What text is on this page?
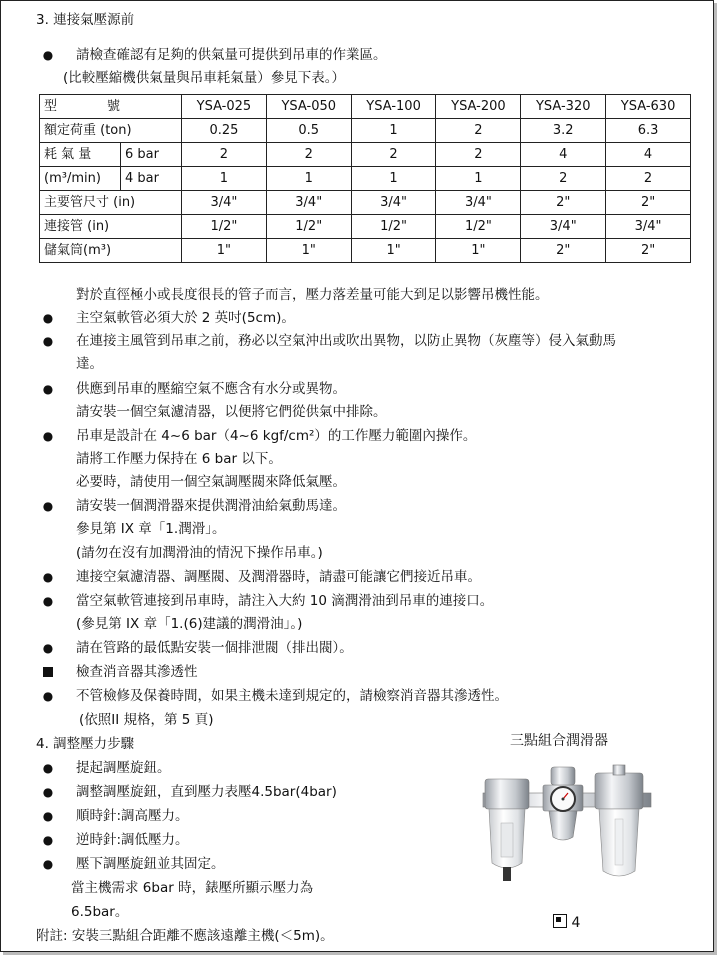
3. 連接氣壓源前
● 請檢查確認有足夠的供氣量可提供到吊車的作業區。
(比較壓縮機供氣量與吊車耗氣量）參見下表。）
型　　號		YSA-025	YSA-050	YSA-100	YSA-200	YSA-320	YSA-630
額定荷重 (ton)		0.25	0.5	1	2	3.2	6.3
耗 氣 量	6 bar	2	2	2	2	4	4
(m³/min)	4 bar	1	1	1	1	2	2
主要管尺寸 (in)		3/4"	3/4"	3/4"	3/4"	2"	2"
連接管 (in)		1/2"	1/2"	1/2"	1/2"	3/4"	3/4"
儲氣筒(m³)		1"	1"	1"	1"	2"	2"
對於直徑極小或長度很長的管子而言，壓力落差量可能大到足以影響吊機性能。
● 主空氣軟管必須大於 2 英吋(5cm)。
● 在連接主風管到吊車之前，務必以空氣沖出或吹出異物，以防止異物（灰塵等）侵入氣動馬
達。
● 供應到吊車的壓縮空氣不應含有水分或異物。
請安裝一個空氣濾清器，以便將它們從供氣中排除。
● 吊車是設計在 4~6 bar（4~6 kgf/cm²）的工作壓力範圍內操作。
請將工作壓力保持在 6 bar 以下。
必要時，請使用一個空氣調壓閥來降低氣壓。
● 請安裝一個潤滑器來提供潤滑油給氣動馬達。
參見第 IX 章「1.潤滑」。
(請勿在沒有加潤滑油的情況下操作吊車。)
● 連接空氣濾清器、調壓閥、及潤滑器時，請盡可能讓它們接近吊車。
● 當空氣軟管連接到吊車時，請注入大約 10 滴潤滑油到吊車的連接口。
(參見第 IX 章「1.(6)建議的潤滑油」。)
● 請在管路的最低點安裝一個排泄閥（排出閥）。
檢查消音器其滲透性
● 不管檢修及保養時間，如果主機未達到規定的，請檢察消音器其滲透性。
(依照II 規格，第 5 頁)
4. 調整壓力步驟
● 提起調壓旋鈕。
● 調整調壓旋鈕，直到壓力表壓4.5bar(4bar)
● 順時針:調高壓力。
● 逆時針:調低壓力。
● 壓下調壓旋鈕並其固定。
當主機需求 6bar 時，錶壓所顯示壓力為
6.5bar。
附註: 安裝三點組合距離不應該遠離主機(＜5m)。
三點組合潤滑器
4
